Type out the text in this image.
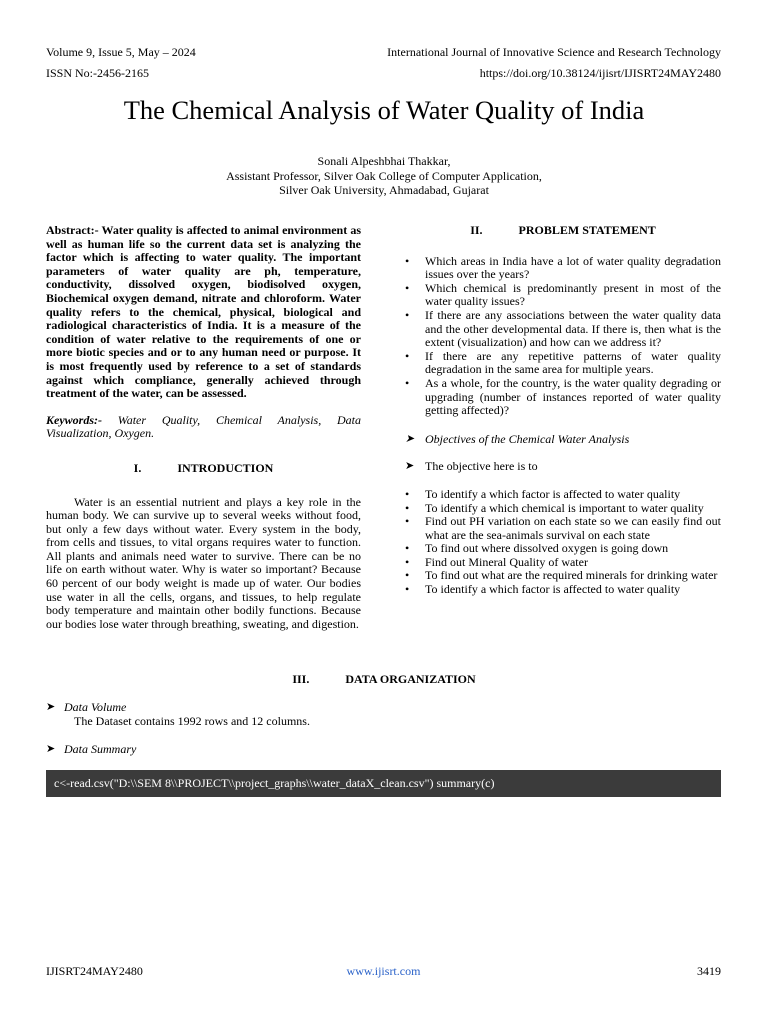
Volume 9, Issue 5, May – 2024	International Journal of Innovative Science and Research Technology
ISSN No:-2456-2165	https://doi.org/10.38124/ijisrt/IJISRT24MAY2480
The Chemical Analysis of Water Quality of India
Sonali Alpeshbhai Thakkar,
Assistant Professor, Silver Oak College of Computer Application,
Silver Oak University, Ahmadabad, Gujarat

Abstract:- Water quality is affected to animal environment as well as human life so the current data set is analyzing the factor which is affecting to water quality. The important parameters of water quality are ph, temperature, conductivity, dissolved oxygen, biodisolved oxygen, Biochemical oxygen demand, nitrate and chloroform. Water quality refers to the chemical, physical, biological and radiological characteristics of India. It is a measure of the condition of water relative to the requirements of one or more biotic species and or to any human need or purpose. It is most frequently used by reference to a set of standards against which compliance, generally achieved through treatment of the water, can be assessed.

Keywords:- Water Quality, Chemical Analysis, Data Visualization, Oxygen.

I.	INTRODUCTION

Water is an essential nutrient and plays a key role in the human body. We can survive up to several weeks without food, but only a few days without water. Every system in the body, from cells and tissues, to vital organs requires water to function. All plants and animals need water to survive. There can be no life on earth without water. Why is water so important? Because 60 percent of our body weight is made up of water. Our bodies use water in all the cells, organs, and tissues, to help regulate body temperature and maintain other bodily functions. Because our bodies lose water through breathing, sweating, and digestion.

II.	PROBLEM STATEMENT

• Which areas in India have a lot of water quality degradation issues over the years?
• Which chemical is predominantly present in most of the water quality issues?
• If there are any associations between the water quality data and the other developmental data. If there is, then what is the extent (visualization) and how can we address it?
• If there are any repetitive patterns of water quality degradation in the same area for multiple years.
• As a whole, for the country, is the water quality degrading or upgrading (number of instances reported of water quality getting affected)?

➤ Objectives of the Chemical Water Analysis

➤ The objective here is to

• To identify a which factor is affected to water quality
• To identify a which chemical is important to water quality
• Find out PH variation on each state so we can easily find out what are the sea-animals survival on each state
• To find out where dissolved oxygen is going down
• Find out Mineral Quality of water
• To find out what are the required minerals for drinking water
• To identify a which factor is affected to water quality

III.	DATA ORGANIZATION

➤ Data Volume
The Dataset contains 1992 rows and 12 columns.
➤ Data Summary
c<-read.csv("D:\\SEM 8\\PROJECT\\project_graphs\\water_dataX_clean.csv") summary(c)
IJISRT24MAY2480	www.ijisrt.com	3419
